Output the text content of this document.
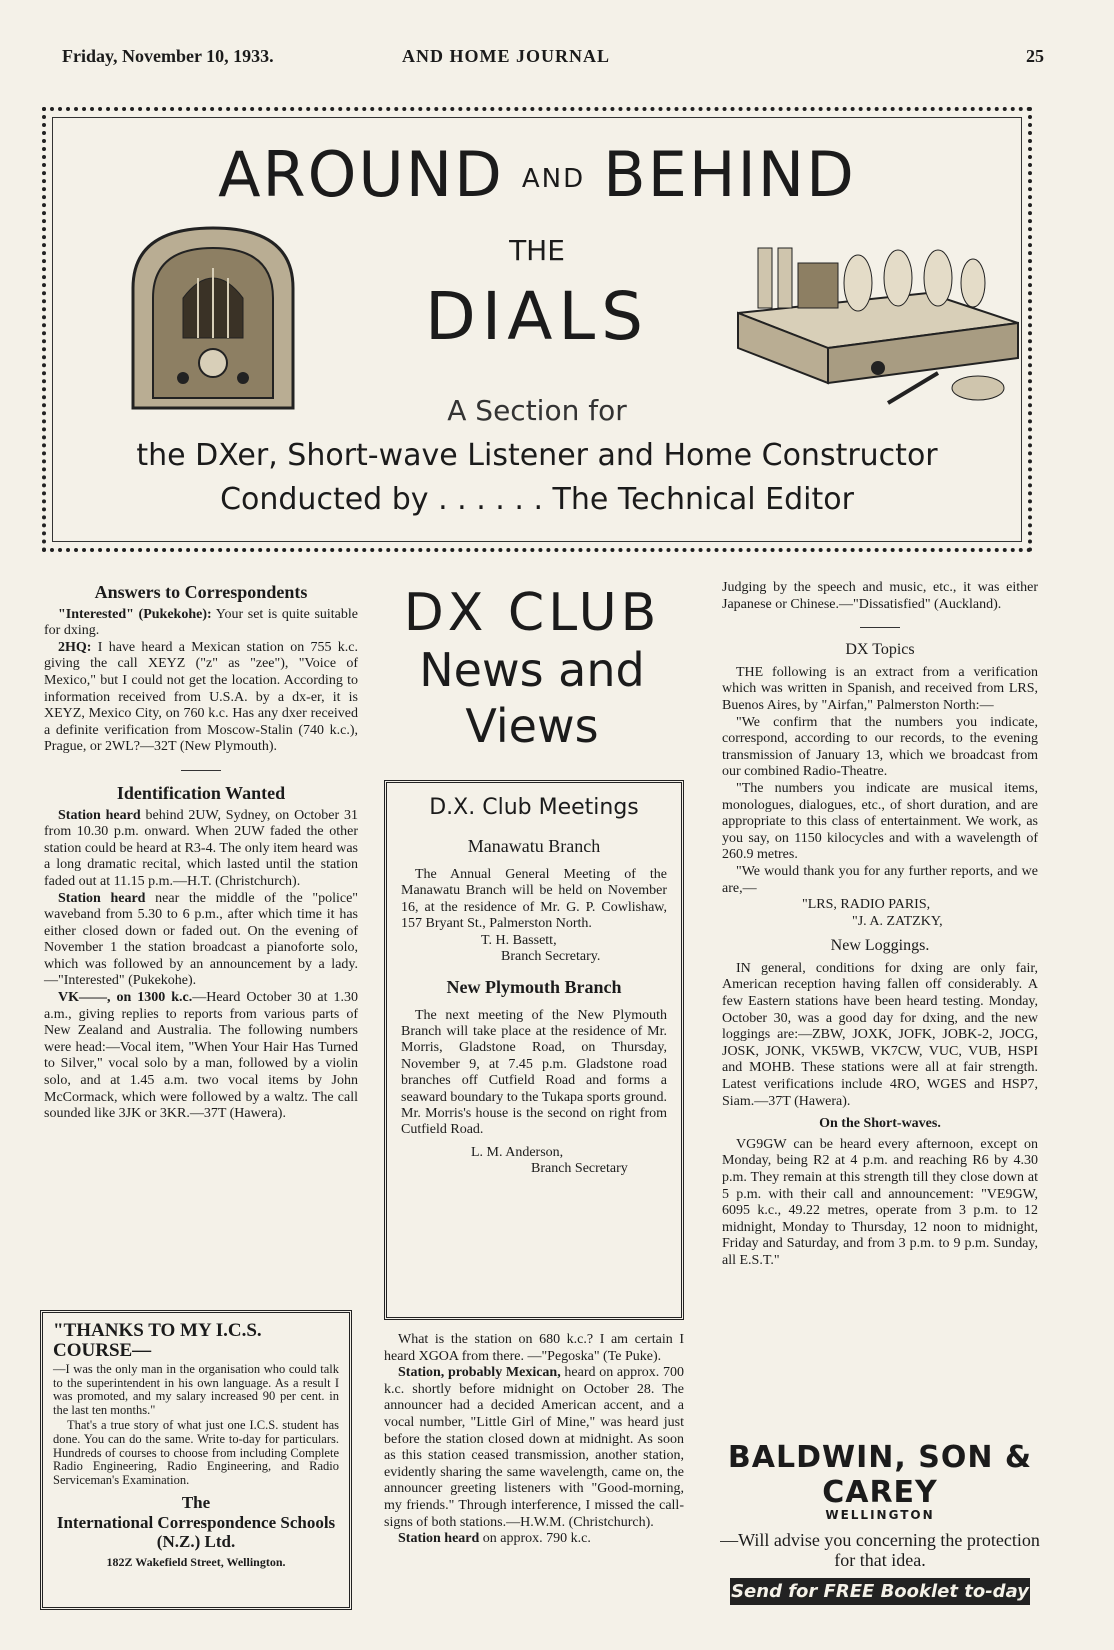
Friday, November 10, 1933.	AND HOME JOURNAL	25
AROUND AND BEHIND
THE
DIALS
A Section for
the DXer, Short-wave Listener and Home Constructor
Conducted by . . . . . . The Technical Editor
Answers to Correspondents

"Interested" (Pukekohe): Your set is quite suitable for dxing.

2HQ: I have heard a Mexican station on 755 k.c. giving the call XEYZ ("z" as "zee"), "Voice of Mexico," but I could not get the location. According to information received from U.S.A. by a dx-er, it is XEYZ, Mexico City, on 760 k.c. Has any dxer received a definite verification from Moscow-Stalin (740 k.c.), Prague, or 2WL?—32T (New Plymouth).

Identification Wanted

Station heard behind 2UW, Sydney, on October 31 from 10.30 p.m. onward. When 2UW faded the other station could be heard at R3-4. The only item heard was a long dramatic recital, which lasted until the station faded out at 11.15 p.m.—H.T. (Christchurch).

Station heard near the middle of the "police" waveband from 5.30 to 6 p.m., after which time it has either closed down or faded out. On the evening of November 1 the station broadcast a pianoforte solo, which was followed by an announcement by a lady.—"Interested" (Pukekohe).

VK——, on 1300 k.c.—Heard October 30 at 1.30 a.m., giving replies to reports from various parts of New Zealand and Australia. The following numbers were head:—Vocal item, "When Your Hair Has Turned to Silver," vocal solo by a man, followed by a violin solo, and at 1.45 a.m. two vocal items by John McCormack, which were followed by a waltz. The call sounded like 3JK or 3KR.—37T (Hawera).

"THANKS TO MY I.C.S. COURSE—

—I was the only man in the organisation who could talk to the superintendent in his own language. As a result I was promoted, and my salary increased 90 per cent. in the last ten months."

That's a true story of what just one I.C.S. student has done. You can do the same. Write to-day for particulars. Hundreds of courses to choose from including Complete Radio Engineering, Radio Engineering, and Radio Serviceman's Examination.

The
International Correspondence Schools (N.Z.) Ltd.
182Z Wakefield Street, Wellington.
DX CLUB
News and
Views
D.X. Club Meetings
Manawatu Branch

The Annual General Meeting of the Manawatu Branch will be held on November 16, at the residence of Mr. G. P. Cowlishaw, 157 Bryant St., Palmerston North.

T. H. Bassett,
Branch Secretary.
New Plymouth Branch

The next meeting of the New Plymouth Branch will take place at the residence of Mr. Morris, Gladstone Road, on Thursday, November 9, at 7.45 p.m. Gladstone road branches off Cutfield Road and forms a seaward boundary to the Tukapa sports ground. Mr. Morris's house is the second on right from Cutfield Road.

L. M. Anderson,
Branch Secretary

What is the station on 680 k.c.? I am certain I heard XGOA from there. —"Pegoska" (Te Puke).

Station, probably Mexican, heard on approx. 700 k.c. shortly before midnight on October 28. The announcer had a decided American accent, and a vocal number, "Little Girl of Mine," was heard just before the station closed down at midnight. As soon as this station ceased transmission, another station, evidently sharing the same wavelength, came on, the announcer greeting listeners with "Good-morning, my friends." Through interference, I missed the call-signs of both stations.—H.W.M. (Christchurch).

Station heard on approx. 790 k.c.

Judging by the speech and music, etc., it was either Japanese or Chinese.—"Dissatisfied" (Auckland).

DX Topics

THE following is an extract from a verification which was written in Spanish, and received from LRS, Buenos Aires, by "Airfan," Palmerston North:—

"We confirm that the numbers you indicate, correspond, according to our records, to the evening transmission of January 13, which we broadcast from our combined Radio-Theatre.

"The numbers you indicate are musical items, monologues, dialogues, etc., of short duration, and are appropriate to this class of entertainment. We work, as you say, on 1150 kilocycles and with a wavelength of 260.9 metres.

"We would thank you for any further reports, and we are,—

"LRS, RADIO PARIS,
"J. A. ZATZKY,
New Loggings.

IN general, conditions for dxing are only fair, American reception having fallen off considerably. A few Eastern stations have been heard testing. Monday, October 30, was a good day for dxing, and the new loggings are:—ZBW, JOXK, JOFK, JOBK-2, JOCG, JOSK, JONK, VK5WB, VK7CW, VUC, VUB, HSPI and MOHB. These stations were all at fair strength. Latest verifications include 4RO, WGES and HSP7, Siam.—37T (Hawera).

On the Short-waves.

VG9GW can be heard every afternoon, except on Monday, being R2 at 4 p.m. and reaching R6 by 4.30 p.m. They remain at this strength till they close down at 5 p.m. with their call and announcement: "VE9GW, 6095 k.c., 49.22 metres, operate from 3 p.m. to 12 midnight, Monday to Thursday, 12 noon to midnight, Friday and Saturday, and from 3 p.m. to 9 p.m. Sunday, all E.S.T."

BALDWIN, SON & CAREY
WELLINGTON
—Will advise you concerning the protection for that idea.
Send for FREE Booklet to-day
